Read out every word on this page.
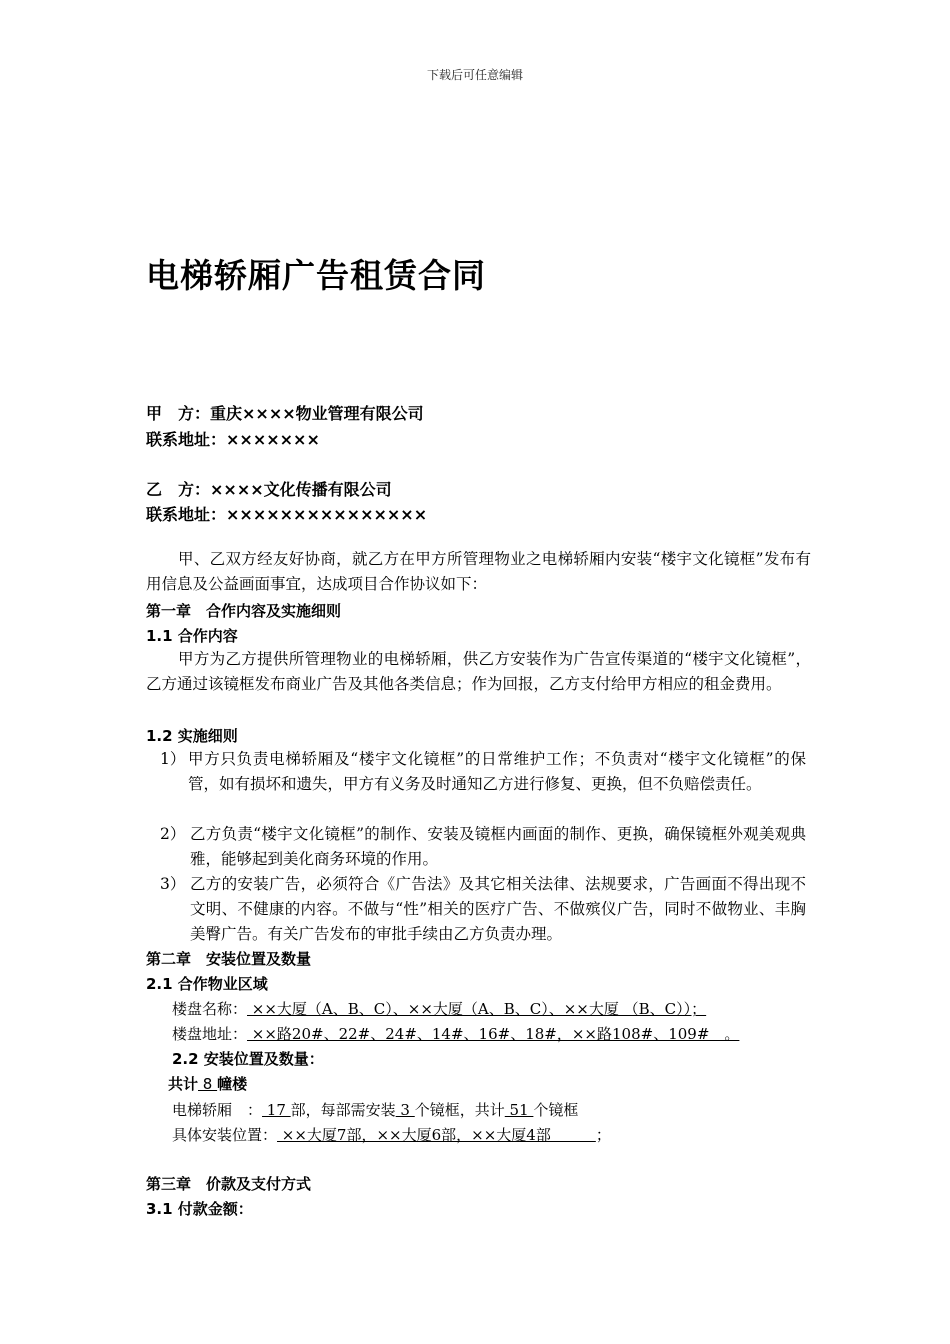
下载后可任意编辑
电梯轿厢广告租赁合同
甲　方：重庆××××物业管理有限公司
联系地址：×××××××
乙　方：××××文化传播有限公司
联系地址：×××××××××××××××
甲、乙双方经友好协商，就乙方在甲方所管理物业之电梯轿厢内安装“楼宇文化镜框”发布有用信息及公益画面事宜，达成项目合作协议如下：
第一章　合作内容及实施细则
1.1 合作内容
甲方为乙方提供所管理物业的电梯轿厢，供乙方安装作为广告宣传渠道的“楼宇文化镜框”，乙方通过该镜框发布商业广告及其他各类信息；作为回报，乙方支付给甲方相应的租金费用。
1.2 实施细则
1） 甲方只负责电梯轿厢及“楼宇文化镜框”的日常维护工作；不负责对“楼宇文化镜框”的保管，如有损坏和遗失，甲方有义务及时通知乙方进行修复、更换，但不负赔偿责任。
2） 乙方负责“楼宇文化镜框”的制作、安装及镜框内画面的制作、更换，确保镜框外观美观典雅，能够起到美化商务环境的作用。
3） 乙方的安装广告，必须符合《广告法》及其它相关法律、法规要求，广告画面不得出现不文明、不健康的内容。不做与“性”相关的医疗广告、不做殡仪广告，同时不做物业、丰胸美臀广告。有关广告发布的审批手续由乙方负责办理。
第二章　安装位置及数量
2.1 合作物业区域
楼盘名称： ××大厦（A、B、C）、××大厦（A、B、C）、××大厦 （B、C））；
楼盘地址： ××路20#、22#、24#、14#、16#、18#，××路108#、109#　。
2.2 安装位置及数量：
共计 8 幢楼
电梯轿厢　： 17 部，每部需安装 3 个镜框，共计 51 个镜框
具体安装位置： ××大厦7部，××大厦6部，××大厦4部　　　；
第三章　价款及支付方式
3.1 付款金额：
